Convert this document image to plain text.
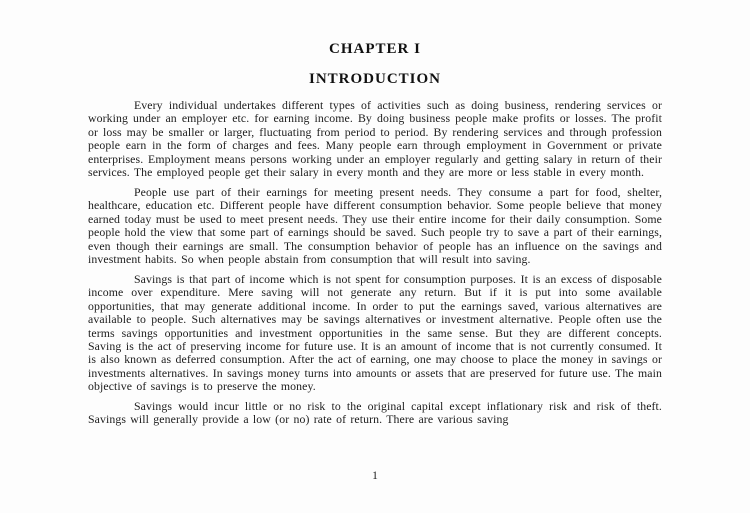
CHAPTER I
INTRODUCTION

Every individual undertakes different types of activities such as doing business, rendering services or working under an employer etc. for earning income. By doing business people make profits or losses. The profit or loss may be smaller or larger, fluctuating from period to period. By rendering services and through profession people earn in the form of charges and fees. Many people earn through employment in Government or private enterprises. Employment means persons working under an employer regularly and getting salary in return of their services. The employed people get their salary in every month and they are more or less stable in every month.

People use part of their earnings for meeting present needs. They consume a part for food, shelter, healthcare, education etc. Different people have different consumption behavior. Some people believe that money earned today must be used to meet present needs. They use their entire income for their daily consumption. Some people hold the view that some part of earnings should be saved. Such people try to save a part of their earnings, even though their earnings are small. The consumption behavior of people has an influence on the savings and investment habits. So when people abstain from consumption that will result into saving.

Savings is that part of income which is not spent for consumption purposes. It is an excess of disposable income over expenditure. Mere saving will not generate any return. But if it is put into some available opportunities, that may generate additional income. In order to put the earnings saved, various alternatives are available to people. Such alternatives may be savings alternatives or investment alternative. People often use the terms savings opportunities and investment opportunities in the same sense. But they are different concepts. Saving is the act of preserving income for future use. It is an amount of income that is not currently consumed. It is also known as deferred consumption. After the act of earning, one may choose to place the money in savings or investments alternatives. In savings money turns into amounts or assets that are preserved for future use. The main objective of savings is to preserve the money.

Savings would incur little or no risk to the original capital except inflationary risk and risk of theft. Savings will generally provide a low (or no) rate of return. There are various saving

1
